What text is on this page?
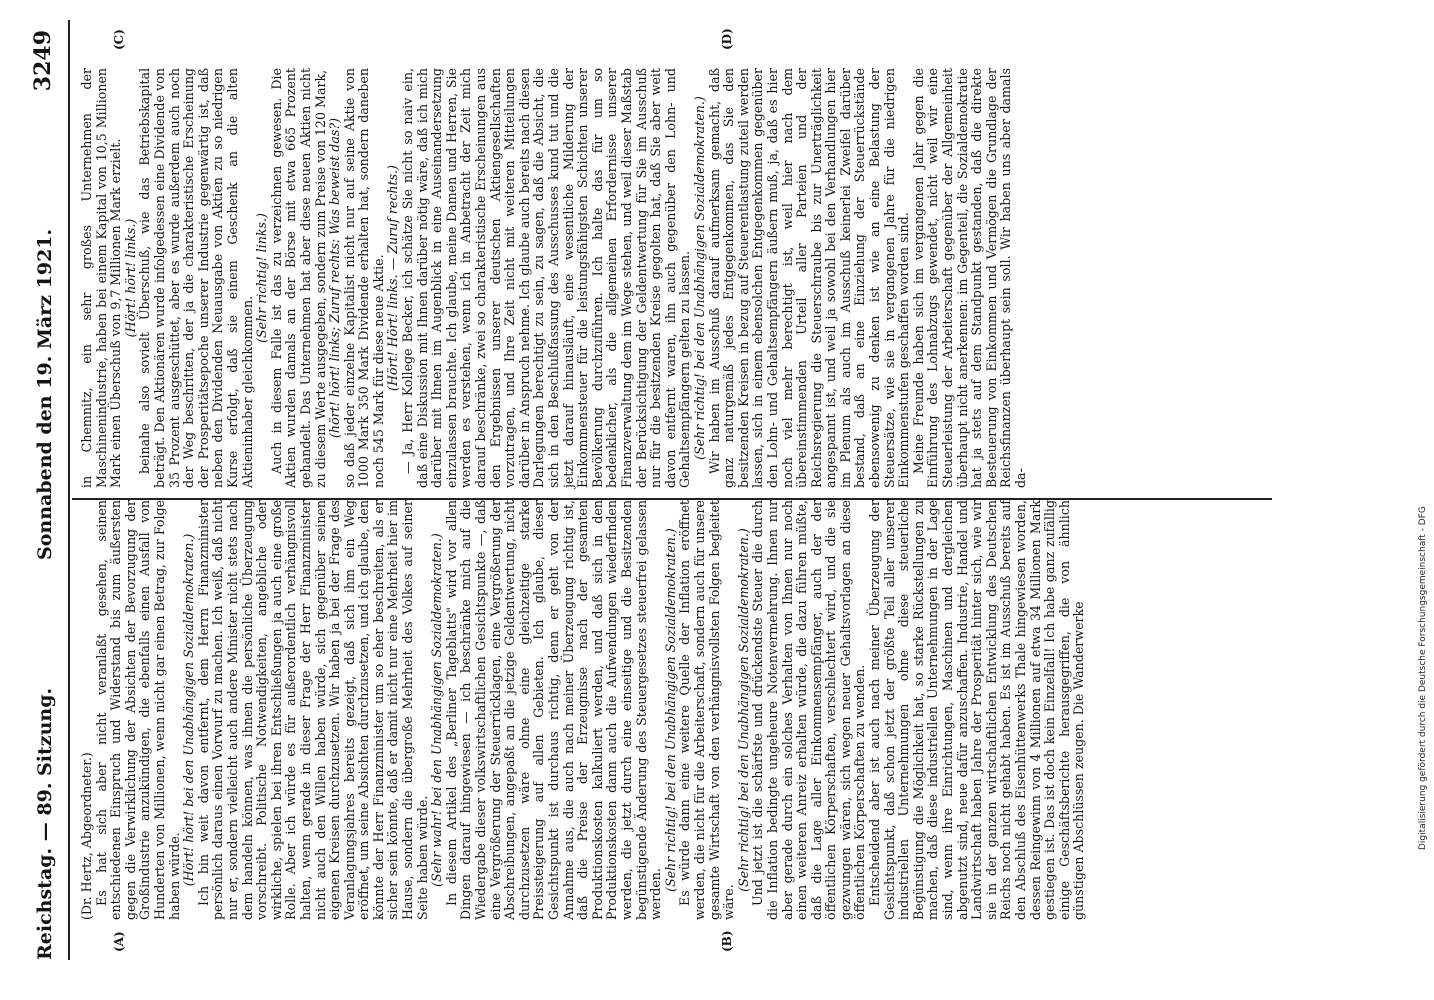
Reichstag. — 89. Sitzung.
Sonnabend den 19. März 1921.
3249
(A)	(B)
(C)	(D)

(Dr. Hertz, Abgeordneter.) Es hat sich aber nicht veranlaßt gesehen, seinen entschiedenen Einspruch und Widerstand bis zum äußersten gegen die Verwirklichung der Absichten der Bevorzugung der Großindustrie anzukündigen, die ebenfalls einen Ausfall von Hunderten von Millionen, wenn nicht gar einen Betrag, zur Folge haben würde. (Hört! hört! bei den Unabhängigen Sozialdemokraten.) Ich bin weit davon entfernt, dem Herrn Finanzminister persönlich daraus einen Vorwurf zu machen. Ich weiß, daß nicht nur er, sondern vielleicht auch andere Minister nicht stets nach dem handeln können, was ihnen die persönliche Überzeugung vorschreibt. Politische Notwendigkeiten, angebliche oder wirkliche, spielen bei ihren Entschließungen ja auch eine große Rolle. Aber ich würde es für außerordentlich verhängnisvoll halten, wenn gerade in dieser Frage der Herr Finanzminister nicht auch den Willen haben würde, sich gegenüber seinen eigenen Kreisen durchzusetzen. Wir haben ja bei der Frage des Veranlagungsjahres bereits gezeigt, daß sich ihm ein Weg eröffnet, um seine Absichten durchzusetzen, und ich glaube, den könnte der Herr Finanzminister um so eher beschreiten, als er sicher sein könnte, daß er damit nicht nur eine Mehrheit hier im Hause, sondern die übergroße Mehrheit des Volkes auf seiner Seite haben würde. (Sehr wahr! bei den Unabhängigen Sozialdemokraten.) In diesem Artikel des „Berliner Tageblatts" wird vor allen Dingen darauf hingewiesen — ich beschränke mich auf die Wiedergabe dieser volkswirtschaftlichen Gesichtspunkte —, daß eine Vergrößerung der Steuerrücklagen, eine Vergrößerung der Abschreibungen, angepaßt an die jetzige Geldentwertung, nicht durchzusetzen wäre ohne eine gleichzeitige starke Preissteigerung auf allen Gebieten. Ich glaube, dieser Gesichtspunkt ist durchaus richtig, denn er geht von der Annahme aus, die auch nach meiner Überzeugung richtig ist, daß die Preise der Erzeugnisse nach der gesamten Produktionskosten kalkuliert werden, und daß sich in den Produktionskosten dann auch die Aufwendungen wiederfinden werden, die jetzt durch eine einseitige und die Besitzenden begünstigende Änderung des Steuergesetzes steuerfrei gelassen werden.

(Sehr richtig! bei den Unabhängigen Sozialdemokraten.) Es würde dann eine weitere Quelle der Inflation eröffnet werden, die nicht für die Arbeiterschaft, sondern auch für unsere gesamte Wirtschaft von den verhängnisvollsten Folgen begleitet wäre.

(Sehr richtig! bei den Unabhängigen Sozialdemokraten.) Und jetzt ist die schärfste und drückendste Steuer die durch die Inflation bedingte ungeheure Notenvermehrung. Ihnen nur aber gerade durch ein solches Verhalten von Ihnen nur noch einen weiteren Anreiz erhalten würde, die dazu führen müßte, daß die Lage aller Einkommensempfänger, auch der der öffentlichen Körperschaften, verschlechtert wird, und die sie gezwungen wären, sich wegen neuer Gehaltsvorlagen an diese öffentlichen Körperschaften zu wenden. Entscheidend aber ist auch nach meiner Überzeugung der Gesichtspunkt, daß schon jetzt der größte Teil aller unserer industriellen Unternehmungen ohne diese steuerliche Begünstigung die Möglichkeit hat, so starke Rückstellungen zu machen, daß diese industriellen Unternehmungen in der Lage sind, wenn ihre Einrichtungen, Maschinen und dergleichen abgenutzt sind, neue dafür anzuschaffen. Industrie, Handel und Landwirtschaft haben Jahre der Prosperität hinter sich, wie wir sie in der ganzen wirtschaftlichen Entwicklung des Deutschen Reichs noch nicht gehabt haben. Es ist im Ausschuß bereits auf den Abschluß des Eisenhüttenwerks Thale hingewiesen worden, dessen Reingewinn von 4 Millionen auf etwa 34 Millionen Mark gestiegen ist. Das ist doch kein Einzelfall! Ich habe ganz zufällig einige Geschäftsberichte herausgegriffen, die von ähnlich günstigen Abschlüssen zeugen. Die Wanderwerke

in Chemnitz, ein sehr großes Unternehmen der Maschinenindustrie, haben bei einem Kapital von 10,5 Millionen Mark einen Überschuß von 9,7 Millionen Mark erzielt. (Hört! hört! links.) beinahe also sovielt Überschuß, wie das Betriebskapital beträgt. Den Aktionären wurde infolgedessen eine Dividende von 35 Prozent ausgeschüttet, aber es wurde außerdem auch noch der Weg beschritten, der ja die charakteristische Erscheinung der Prosperitätsepoche unserer Industrie gegenwärtig ist, daß neben den Dividenden Neuausgabe von Aktien zu so niedrigen Kurse erfolgt, daß sie einem Geschenk an die alten Aktieninhaber gleichkommen.

(Sehr richtig! links.) Auch in diesem Falle ist das zu verzeichnen gewesen. Die Aktien wurden damals an der Börse mit etwa 665 Prozent gehandelt. Das Unternehmen hat aber diese neuen Aktien nicht zu diesem Werte ausgegeben, sondern zum Preise von 120 Mark, (hört! hört! links; Zuruf rechts: Was beweist das?) so daß jeder einzelne Kapitalist nicht nur auf seine Aktie von 1000 Mark 350 Mark Dividende erhalten hat, sondern daneben noch 545 Mark für diese neue Aktie. (Hört! Hört! links. — Zuruf rechts.) — Ja, Herr Kollege Becker, ich schätze Sie nicht so naiv ein, daß eine Diskussion mit Ihnen darüber nötig wäre, daß ich mich darüber mit Ihnen im Augenblick in eine Auseinandersetzung einzulassen brauchte. Ich glaube, meine Damen und Herren, Sie werden es verstehen, wenn ich in Anbetracht der Zeit mich darauf beschränke, zwei so charakteristische Erscheinungen aus den Ergebnissen unserer deutschen Aktiengesellschaften vorzutragen, und Ihre Zeit nicht mit weiteren Mitteilungen darüber in Anspruch nehme. Ich glaube auch bereits nach diesen Darlegungen berechtigt zu sein, zu sagen, daß die Absicht, die sich in den Beschlußfassung des Ausschusses kund tut und die jetzt darauf hinausläuft, eine wesentliche Milderung der Einkommensteuer für die leistungsfähigsten Schichten unserer Bevölkerung durchzuführen. Ich halte das für um so bedenklicher, als die allgemeinen Erfordernisse unserer Finanzverwaltung dem im Wege stehen, und weil dieser Maßstab der Berücksichtigung der Geldentwertung für Sie im Ausschuß nur für die besitzenden Kreise gegolten hat, daß Sie aber weit davon entfernt waren, ihn auch gegenüber den Lohn- und Gehaltsempfängern gelten zu lassen. (Sehr richtig! bei den Unabhängigen Sozialdemokraten.) Wir haben im Ausschuß darauf aufmerksam gemacht, daß ganz naturgemäß jedes Entgegenkommen, das Sie den besitzenden Kreisen in bezug auf Steuerentlastung zuteil werden lassen, sich in einem ebensolchen Entgegenkommen gegenüber den Lohn- und Gehaltsempfängern äußern muß, ja, daß es hier noch viel mehr berechtigt ist, weil hier nach dem übereinstimmenden Urteil aller Parteien und der Reichsregierung die Steuerschraube bis zur Unerträglichkeit angespannt ist, und weil ja sowohl bei den Verhandlungen hier im Plenum als auch im Ausschuß keinerlei Zweifel darüber bestand, daß an eine Einziehung der Steuerrückstände ebensowenig zu denken ist wie an eine Belastung der Steuersätze, wie sie in vergangenen Jahre für die niedrigen Einkommenstufen geschaffen worden sind. Meine Freunde haben sich im vergangenen Jahr gegen die Einführung des Lohnabzugs gewendet, nicht weil wir eine Steuerleistung der Arbeiterschaft gegenüber der Allgemeinheit überhaupt nicht anerkennen: im Gegenteil, die Sozialdemokratie hat ja stets auf dem Standpunkt gestanden, daß die direkte Besteuerung von Einkommen und Vermögen die Grundlage der Reichsfinanzen überhaupt sein soll. Wir haben uns aber damals da-

Digitalisierung gefördert durch die Deutsche Forschungsgemeinschaft - DFG
